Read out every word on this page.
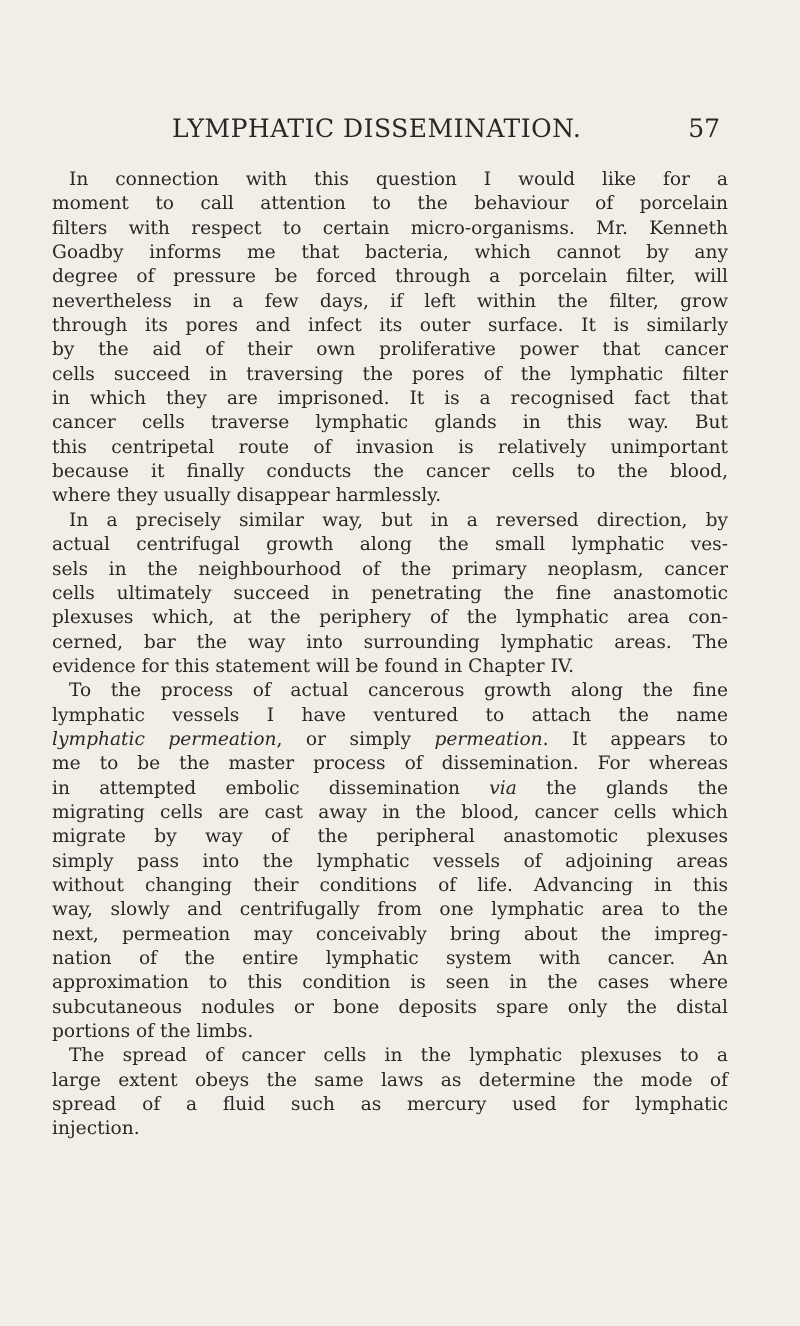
LYMPHATIC DISSEMINATION.	57

In connection with this question I would like for a
moment to call attention to the behaviour of porcelain
filters with respect to certain micro-organisms. Mr. Kenneth
Goadby informs me that bacteria, which cannot by any
degree of pressure be forced through a porcelain filter, will
nevertheless in a few days, if left within the filter, grow
through its pores and infect its outer surface. It is similarly
by the aid of their own proliferative power that cancer
cells succeed in traversing the pores of the lymphatic filter
in which they are imprisoned. It is a recognised fact that
cancer cells traverse lymphatic glands in this way. But
this centripetal route of invasion is relatively unimportant
because it finally conducts the cancer cells to the blood,
where they usually disappear harmlessly.

In a precisely similar way, but in a reversed direction, by
actual centrifugal growth along the small lymphatic ves-
sels in the neighbourhood of the primary neoplasm, cancer
cells ultimately succeed in penetrating the fine anastomotic
plexuses which, at the periphery of the lymphatic area con-
cerned, bar the way into surrounding lymphatic areas. The
evidence for this statement will be found in Chapter IV.

To the process of actual cancerous growth along the fine
lymphatic vessels I have ventured to attach the name
lymphatic permeation, or simply permeation. It appears to
me to be the master process of dissemination. For whereas
in attempted embolic dissemination via the glands the
migrating cells are cast away in the blood, cancer cells which
migrate by way of the peripheral anastomotic plexuses
simply pass into the lymphatic vessels of adjoining areas
without changing their conditions of life. Advancing in this
way, slowly and centrifugally from one lymphatic area to the
next, permeation may conceivably bring about the impreg-
nation of the entire lymphatic system with cancer. An
approximation to this condition is seen in the cases where
subcutaneous nodules or bone deposits spare only the distal
portions of the limbs.

The spread of cancer cells in the lymphatic plexuses to a
large extent obeys the same laws as determine the mode of
spread of a fluid such as mercury used for lymphatic
injection.
